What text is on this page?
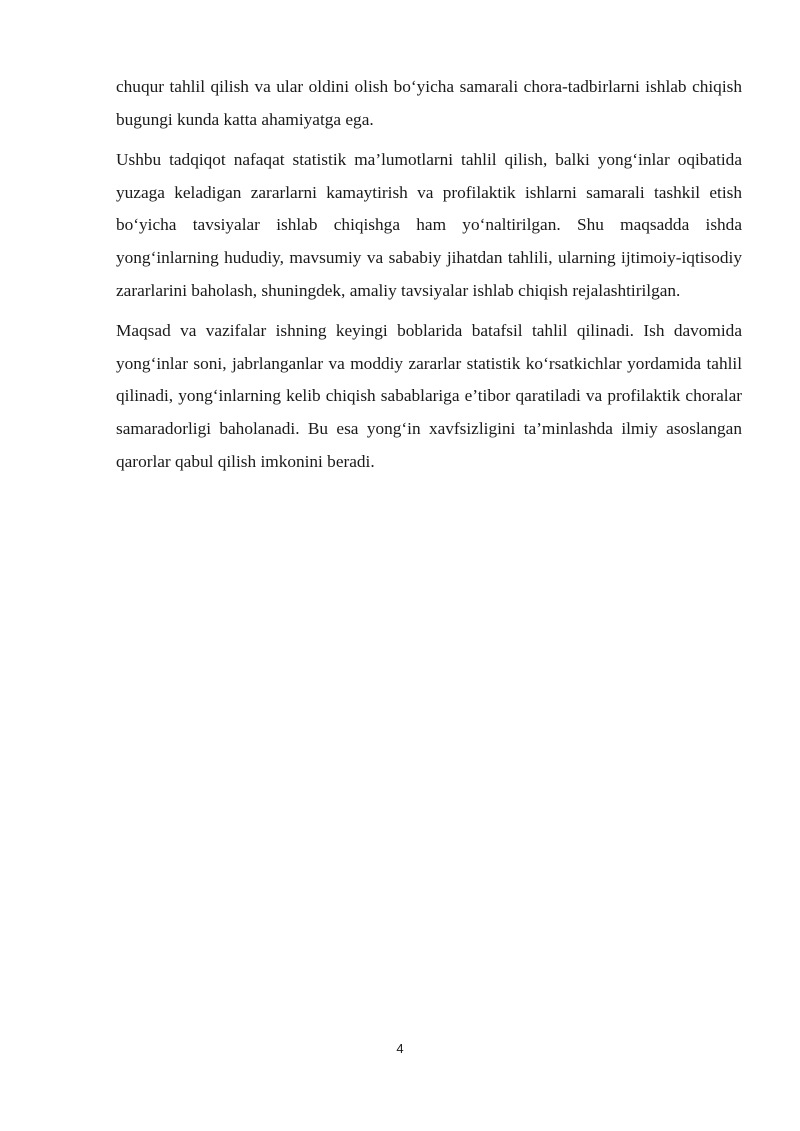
chuqur tahlil qilish va ular oldini olish bo‘yicha samarali chora-tadbirlarni ishlab chiqish bugungi kunda katta ahamiyatga ega.

Ushbu tadqiqot nafaqat statistik ma’lumotlarni tahlil qilish, balki yong‘inlar oqibatida yuzaga keladigan zararlarni kamaytirish va profilaktik ishlarni samarali tashkil etish bo‘yicha tavsiyalar ishlab chiqishga ham yo‘naltirilgan. Shu maqsadda ishda yong‘inlarning hududiy, mavsumiy va sababiy jihatdan tahlili, ularning ijtimoiy-iqtisodiy zararlarini baholash, shuningdek, amaliy tavsiyalar ishlab chiqish rejalashtirilgan.

Maqsad va vazifalar ishning keyingi boblarida batafsil tahlil qilinadi. Ish davomida yong‘inlar soni, jabrlanganlar va moddiy zararlar statistik ko‘rsatkichlar yordamida tahlil qilinadi, yong‘inlarning kelib chiqish sabablariga e’tibor qaratiladi va profilaktik choralar samaradorligi baholanadi. Bu esa yong‘in xavfsizligini ta’minlashda ilmiy asoslangan qarorlar qabul qilish imkonini beradi.

4
